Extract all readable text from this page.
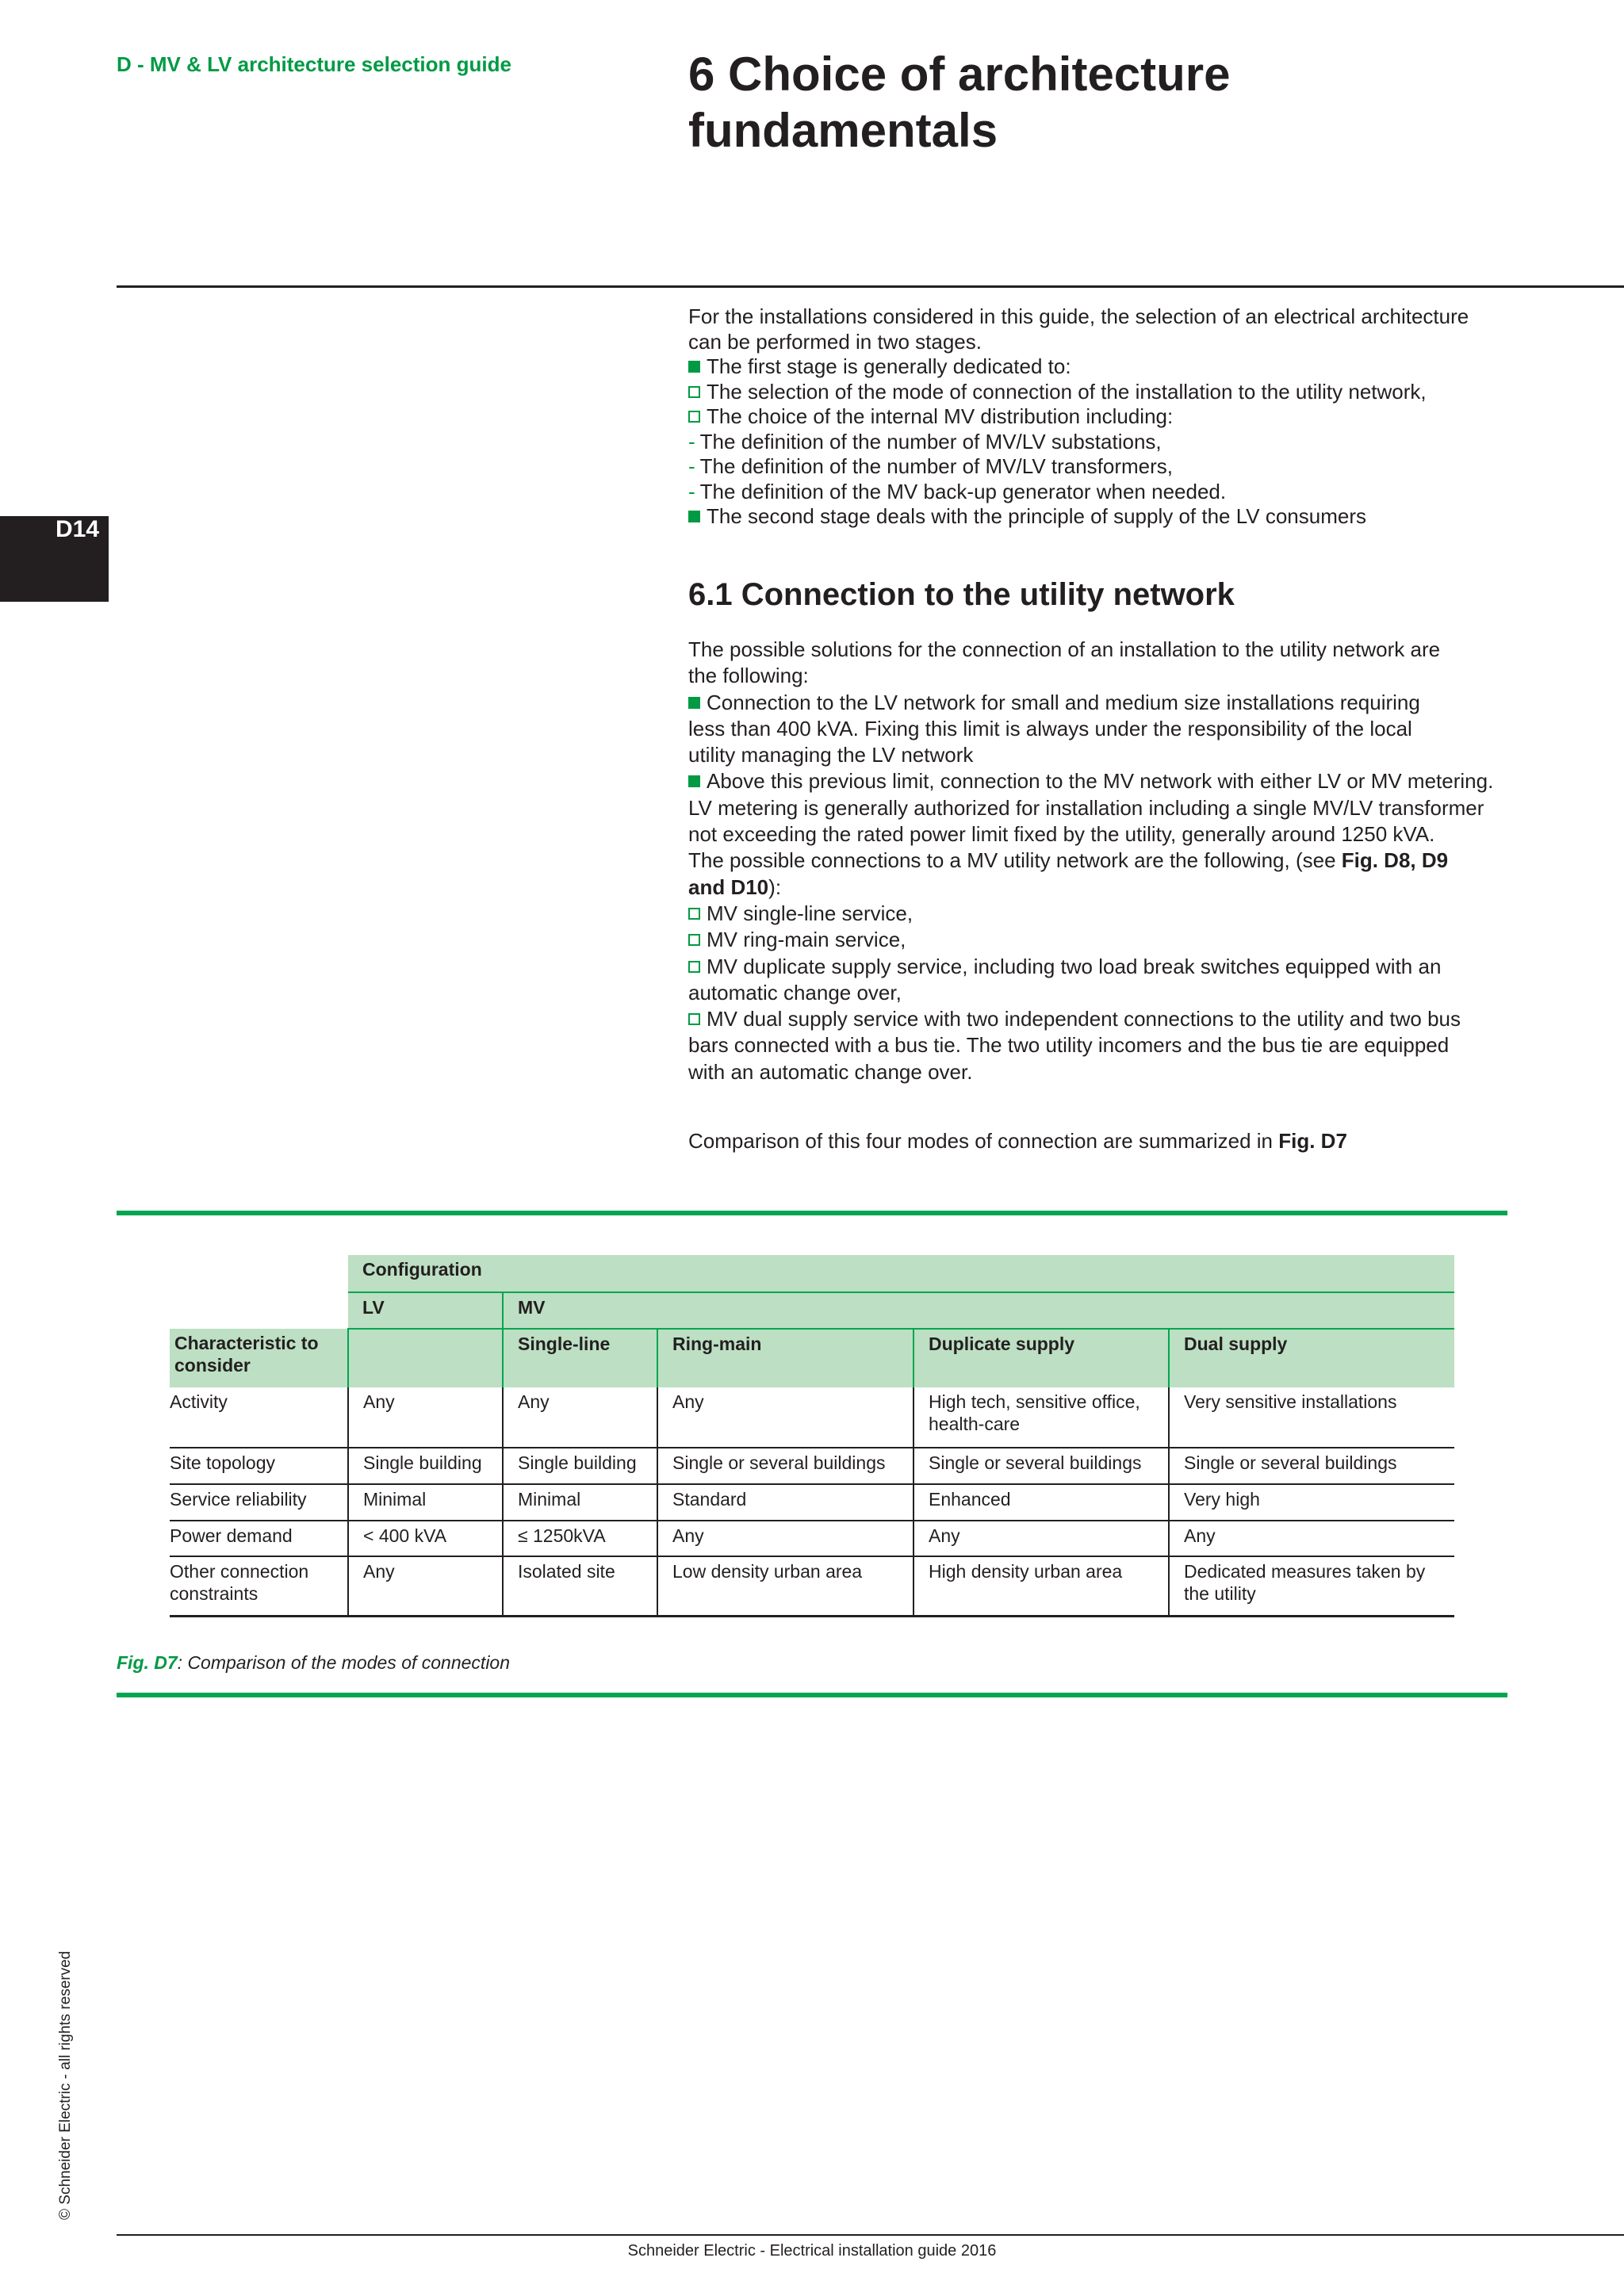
D - MV & LV architecture selection guide	6 Choice of architecture
fundamentals
D14
© Schneider Electric - all rights reserved

For the installations considered in this guide, the selection of an electrical architecture

can be performed in two stages.

The first stage is generally dedicated to:

The selection of the mode of connection of the installation to the utility network,

The choice of the internal MV distribution including:

- The definition of the number of MV/LV substations,

- The definition of the number of MV/LV transformers,

- The definition of the MV back-up generator when needed.

The second stage deals with the principle of supply of the LV consumers

6.1 Connection to the utility network

The possible solutions for the connection of an installation to the utility network are

the following:

Connection to the LV network for small and medium size installations requiring

less than 400 kVA. Fixing this limit is always under the responsibility of the local

utility managing the LV network

Above this previous limit, connection to the MV network with either LV or MV metering.

LV metering is generally authorized for installation including a single MV/LV transformer

not exceeding the rated power limit fixed by the utility, generally around 1250 kVA.

The possible connections to a MV utility network are the following, (see Fig. D8, D9

and D10):

MV single-line service,

MV ring-main service,

MV duplicate supply service, including two load break switches equipped with an

automatic change over,

MV dual supply service with two independent connections to the utility and two bus

bars connected with a bus tie. The two utility incomers and the bus tie are equipped

with an automatic change over.

Comparison of this four modes of connection are summarized in Fig. D7
	Configuration				
	LV	MV			
Characteristic to consider		Single-line	Ring-main	Duplicate supply	Dual supply
Activity	Any	Any	Any	High tech, sensitive office, health-care	Very sensitive installations
Site topology	Single building	Single building	Single or several buildings	Single or several buildings	Single or several buildings
Service reliability	Minimal	Minimal	Standard	Enhanced	Very high
Power demand	< 400 kVA	≤ 1250kVA	Any	Any	Any
Other connection constraints	Any	Isolated site	Low density urban area	High density urban area	Dedicated measures taken by the utility
Fig. D7: Comparison of the modes of connection
Schneider Electric - Electrical installation guide 2016
